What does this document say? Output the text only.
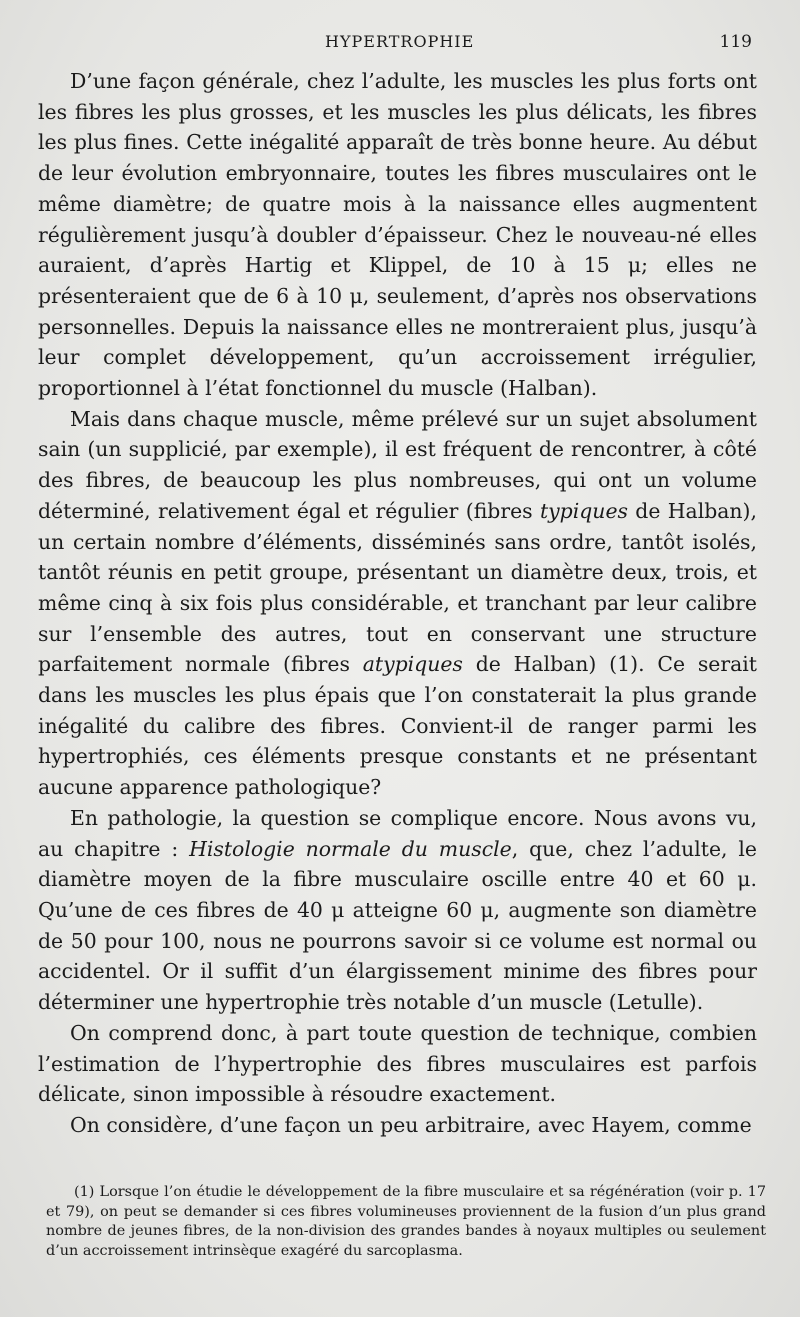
HYPERTROPHIE	119

D’une façon générale, chez l’adulte, les muscles les plus forts ont les fibres les plus grosses, et les muscles les plus délicats, les fibres les plus fines. Cette inégalité apparaît de très bonne heure. Au début de leur évolution embryonnaire, toutes les fibres musculaires ont le même diamètre; de quatre mois à la naissance elles augmentent régulièrement jusqu’à doubler d’épaisseur. Chez le nouveau-né elles auraient, d’après Hartig et Klippel, de 10 à 15 μ; elles ne présenteraient que de 6 à 10 μ, seulement, d’après nos observations personnelles. Depuis la naissance elles ne montreraient plus, jusqu’à leur complet développement, qu’un accroissement irrégulier, proportionnel à l’état fonctionnel du muscle (Halban).

Mais dans chaque muscle, même prélevé sur un sujet absolument sain (un supplicié, par exemple), il est fréquent de rencontrer, à côté des fibres, de beaucoup les plus nombreuses, qui ont un volume déterminé, relativement égal et régulier (fibres typiques de Halban), un certain nombre d’éléments, disséminés sans ordre, tantôt isolés, tantôt réunis en petit groupe, présentant un diamètre deux, trois, et même cinq à six fois plus considérable, et tranchant par leur calibre sur l’ensemble des autres, tout en conservant une structure parfaitement normale (fibres atypiques de Halban) (1). Ce serait dans les muscles les plus épais que l’on constaterait la plus grande inégalité du calibre des fibres. Convient-il de ranger parmi les hypertrophiés, ces éléments presque constants et ne présentant aucune apparence pathologique?

En pathologie, la question se complique encore. Nous avons vu, au chapitre : Histologie normale du muscle, que, chez l’adulte, le diamètre moyen de la fibre musculaire oscille entre 40 et 60 μ. Qu’une de ces fibres de 40 μ atteigne 60 μ, augmente son diamètre de 50 pour 100, nous ne pourrons savoir si ce volume est normal ou accidentel. Or il suffit d’un élargissement minime des fibres pour déterminer une hypertrophie très notable d’un muscle (Letulle).

On comprend donc, à part toute question de technique, combien l’estimation de l’hypertrophie des fibres musculaires est parfois délicate, sinon impossible à résoudre exactement.

On considère, d’une façon un peu arbitraire, avec Hayem, comme

(1) Lorsque l’on étudie le développement de la fibre musculaire et sa régénération (voir p. 17 et 79), on peut se demander si ces fibres volumineuses proviennent de la fusion d’un plus grand nombre de jeunes fibres, de la non-division des grandes bandes à noyaux multiples ou seulement d’un accroissement intrinsèque exagéré du sarcoplasma.
